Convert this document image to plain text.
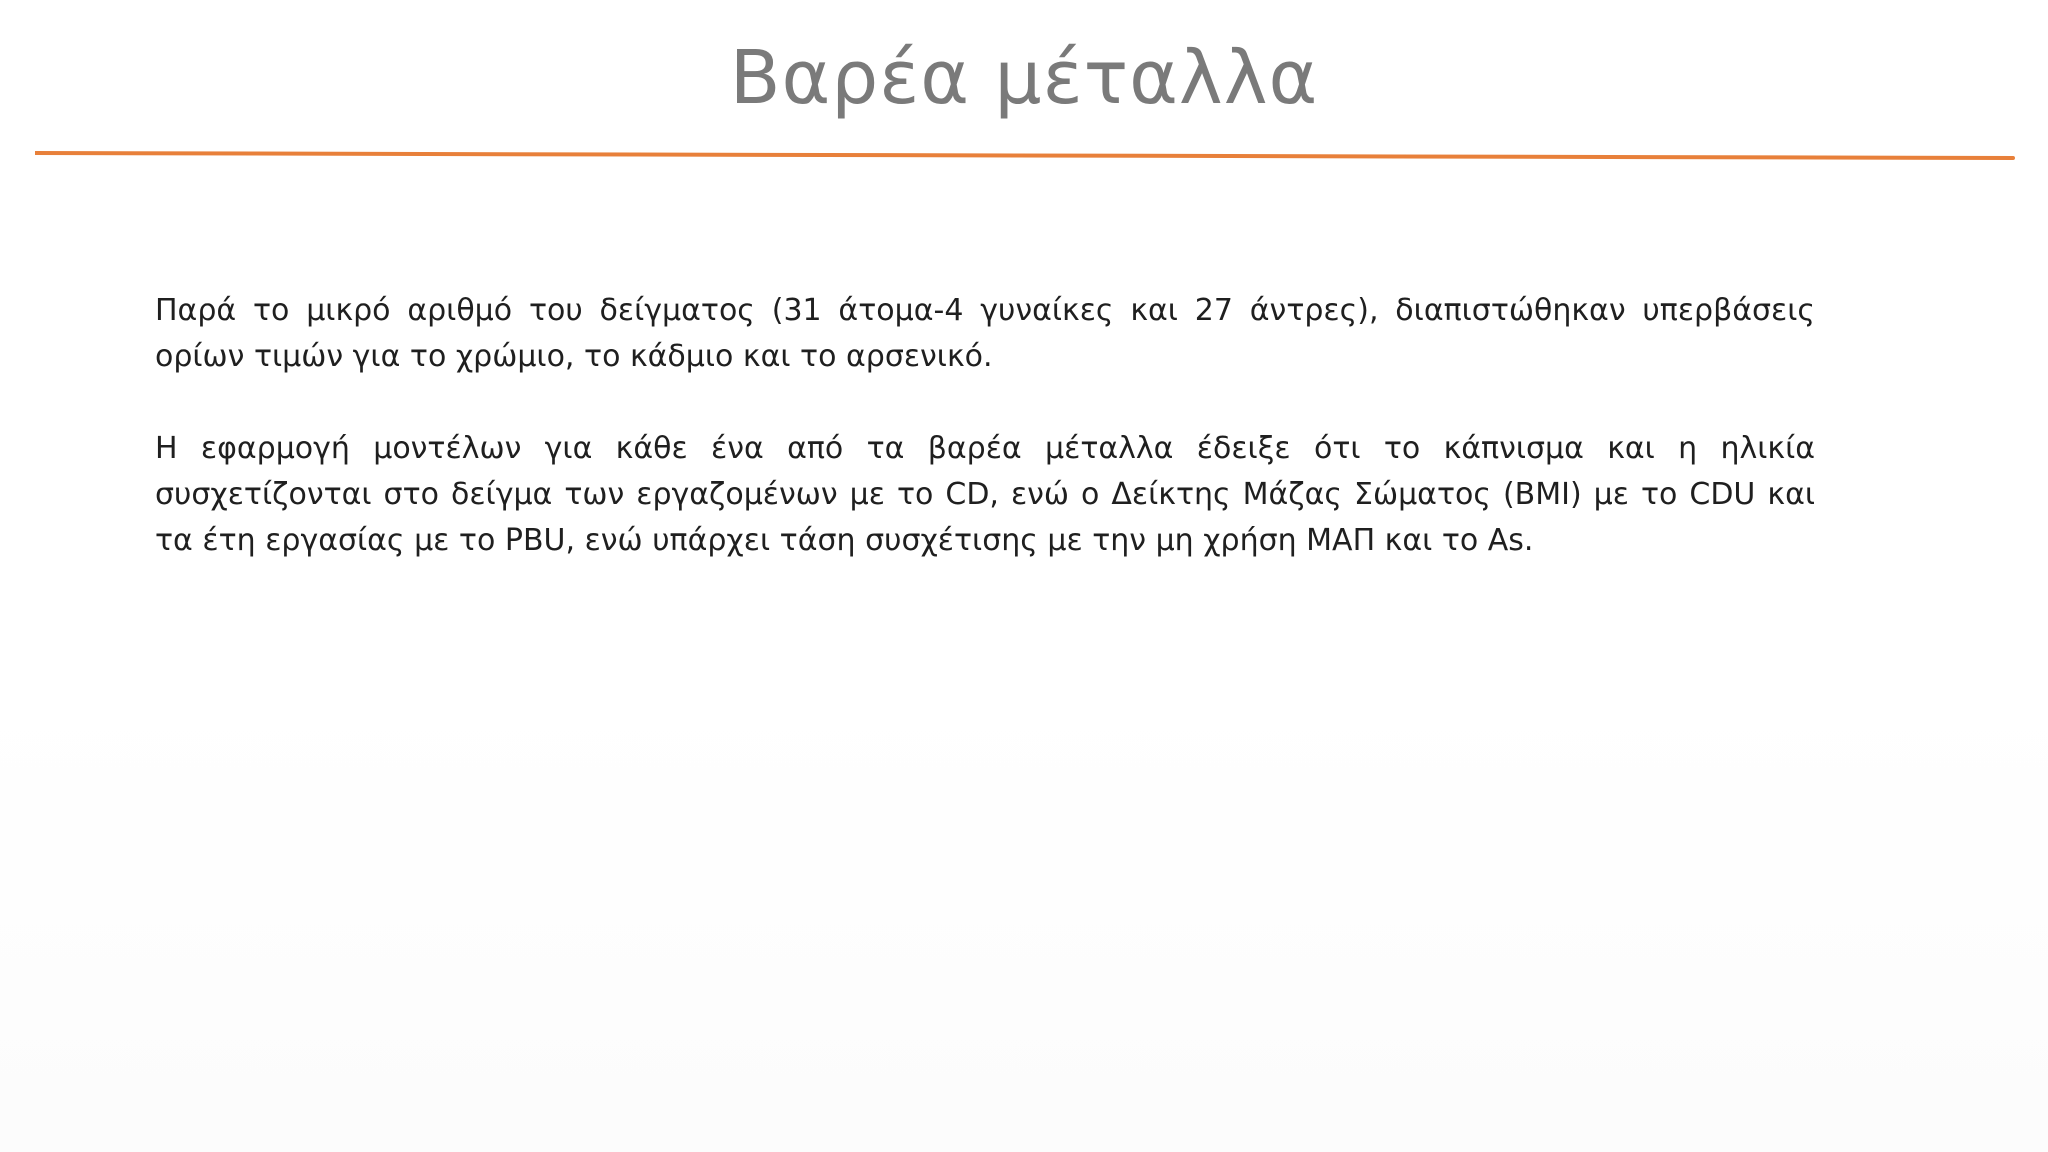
Βαρέα μέταλλα

Παρά το μικρό αριθμό του δείγματος (31 άτομα-4 γυναίκες και 27 άντρες), διαπιστώθηκαν υπερβάσεις ορίων τιμών για το χρώμιο, το κάδμιο και το αρσενικό.

Η εφαρμογή μοντέλων για κάθε ένα από τα βαρέα μέταλλα έδειξε ότι το κάπνισμα και η ηλικία συσχετίζονται στο δείγμα των εργαζομένων με το CD, ενώ ο Δείκτης Μάζας Σώματος (BMI) με το CDU και τα έτη εργασίας με το PBU, ενώ υπάρχει τάση συσχέτισης με την μη χρήση ΜΑΠ και το As.
